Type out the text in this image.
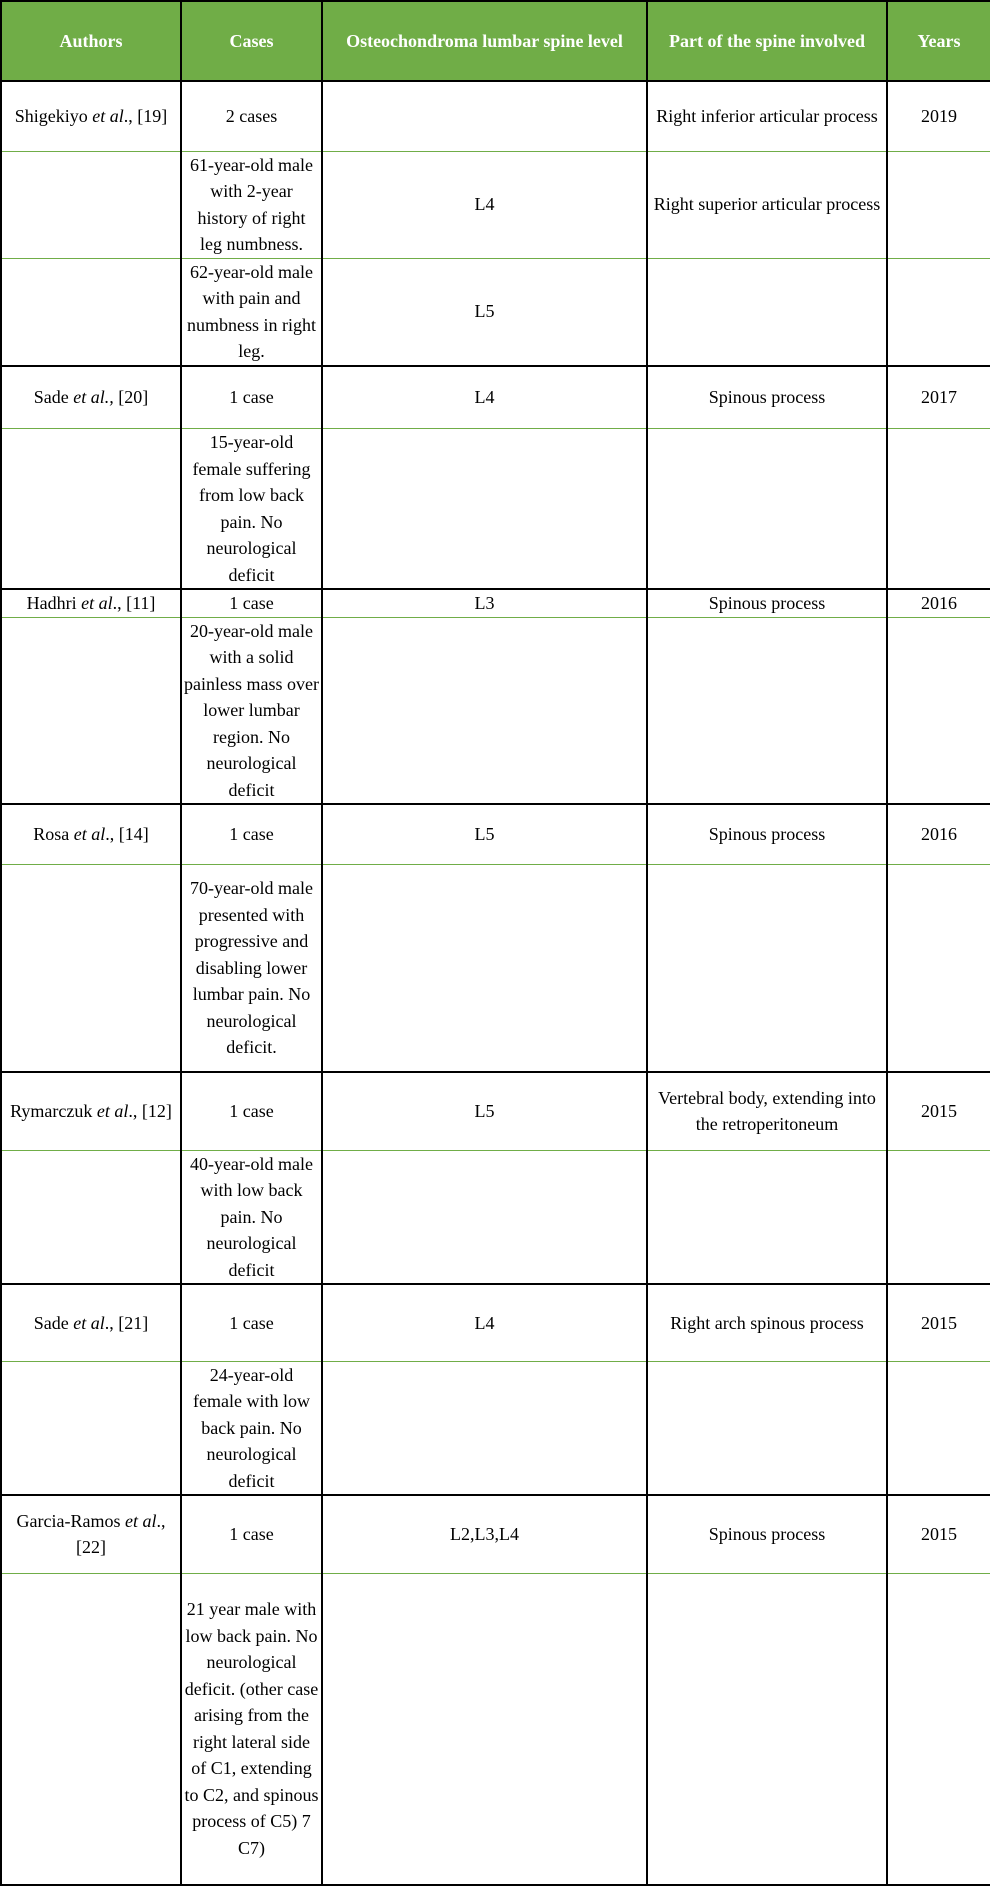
Authors	Cases	Osteochondroma lumbar spine level	Part of the spine involved	Years
Shigekiyo et al., [19]	2 cases		Right inferior articular process	2019
	61-year-old male with 2-year history of right leg numbness.	L4	Right superior articular process	
	62-year-old male with pain and numbness in right leg.	L5		
Sade et al., [20]	1 case	L4	Spinous process	2017
	15-year-old female suffering from low back pain. No neurological deficit			
Hadhri et al., [11]	1 case	L3	Spinous process	2016
	20-year-old male with a solid painless mass over lower lumbar region. No neurological deficit			
Rosa et al., [14]	1 case	L5	Spinous process	2016
	70-year-old male presented with progressive and disabling lower lumbar pain. No neurological deficit.			
Rymarczuk et al., [12]	1 case	L5	Vertebral body, extending into the retroperitoneum	2015
	40-year-old male with low back pain. No neurological deficit			
Sade et al., [21]	1 case	L4	Right arch spinous process	2015
	24-year-old female with low back pain. No neurological deficit			
Garcia-Ramos et al., [22]	1 case	L2,L3,L4	Spinous process	2015
	21 year male with low back pain. No neurological deficit. (other case arising from the right lateral side of C1, extending to C2, and spinous process of C5) 7 C7)			
